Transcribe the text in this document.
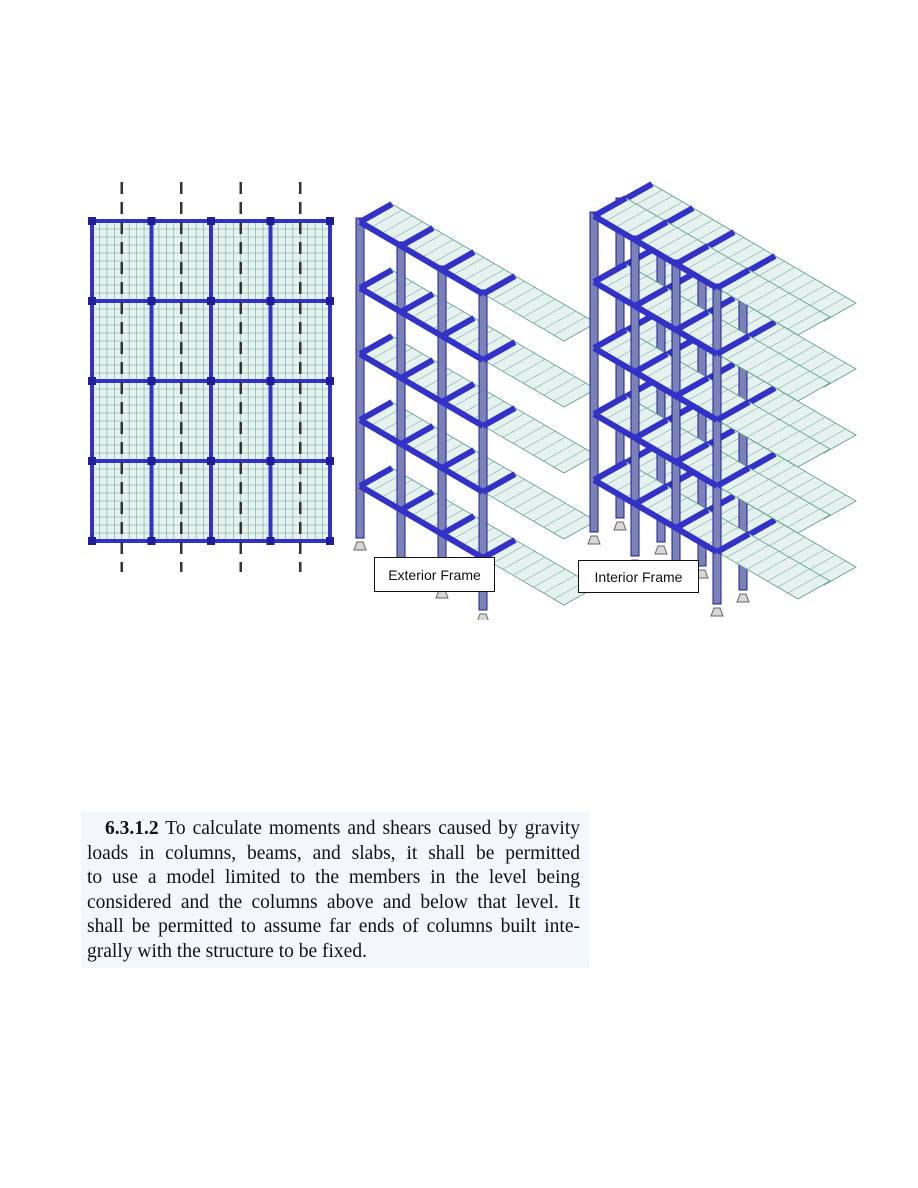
Exterior Frame	Interior Frame
6.3.1.2 To calculate moments and shears caused by gravity
loads in columns, beams, and slabs, it shall be permitted
to use a model limited to the members in the level being
considered and the columns above and below that level. It
shall be permitted to assume far ends of columns built inte-
grally with the structure to be fixed.
